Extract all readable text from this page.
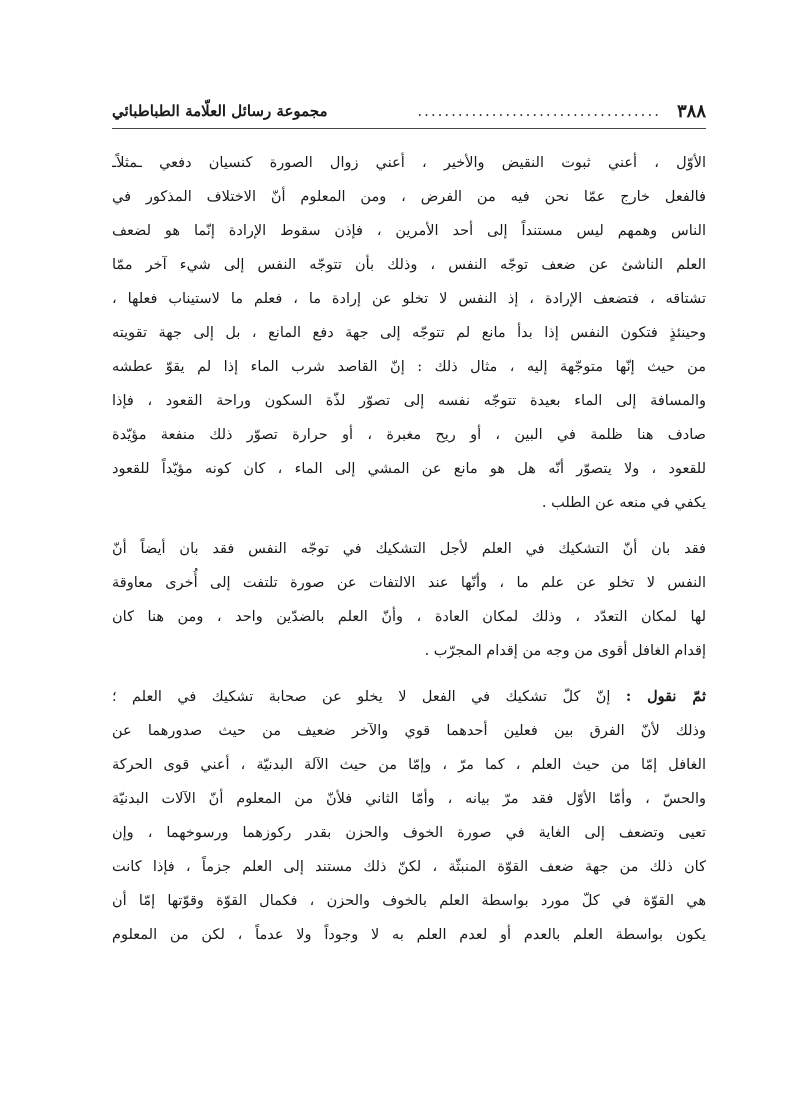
٣٨٨
....................................
مجموعة رسائل العلّامة الطباطبائي
الأوّل ، أعني ثبوت النقيض والأخير ، أعني زوال الصورة كنسيان دفعي ـمثلاًـ
فالفعل خارج عمّا نحن فيه من الفرض ، ومن المعلوم أنّ الاختلاف المذكور في
الناس وهمهم ليس مستنداً إلى أحد الأمرين ، فإذن سقوط الإرادة إنّما هو لضعف
العلم الناشئ عن ضعف توجّه النفس ، وذلك بأن تتوجّه النفس إلى شيء آخر ممّا
تشتاقه ، فتضعف الإرادة ، إذ النفس لا تخلو عن إرادة ما ، فعلم ما لاستيناب فعلها ،
وحينئذٍ فتكون النفس إذا بدأ مانع لم تتوجّه إلى جهة دفع المانع ، بل إلى جهة تقويته
من حيث إنّها متوجّهة إليه ، مثال ذلك : إنّ القاصد شرب الماء إذا لم يقوّ عطشه
والمسافة إلى الماء بعيدة تتوجّه نفسه إلى تصوّر لذّة السكون وراحة القعود ، فإذا
صادف هنا ظلمة في البين ، أو ريح مغبرة ، أو حرارة تصوّر ذلك منفعة مؤيّدة
للقعود ، ولا يتصوّر أنّه هل هو مانع عن المشي إلى الماء ، كان كونه مؤيّداً للقعود
يكفي في منعه عن الطلب .
فقد بان أنّ التشكيك في العلم لأجل التشكيك في توجّه النفس فقد بان أيضاً أنّ
النفس لا تخلو عن علم ما ، وأنّها عند الالتفات عن صورة تلتفت إلى أُخرى معاوقة
لها لمكان التعدّد ، وذلك لمكان العادة ، وأنّ العلم بالضدّين واحد ، ومن هنا كان
إقدام الغافل أقوى من وجه من إقدام المجرّب .
ثمّ نقول : إنّ كلّ تشكيك في الفعل لا يخلو عن صحابة تشكيك في العلم ؛
وذلك لأنّ الفرق بين فعلين أحدهما قوي والآخر ضعيف من حيث صدورهما عن
الغافل إمّا من حيث العلم ، كما مرّ ، وإمّا من حيث الآلة البدنيّة ، أعني قوى الحركة
والحسّ ، وأمّا الأوّل فقد مرّ بيانه ، وأمّا الثاني فلأنّ من المعلوم أنّ الآلات البدنيّة
تعيى وتضعف إلى الغاية في صورة الخوف والحزن بقدر ركوزهما ورسوخهما ، وإن
كان ذلك من جهة ضعف القوّة المنبثّة ، لكنّ ذلك مستند إلى العلم جزماً ، فإذا كانت
هي القوّة في كلّ مورد بواسطة العلم بالخوف والحزن ، فكمال القوّة وقوّتها إمّا أن
يكون بواسطة العلم بالعدم أو لعدم العلم به لا وجوداً ولا عدماً ، لكن من المعلوم
